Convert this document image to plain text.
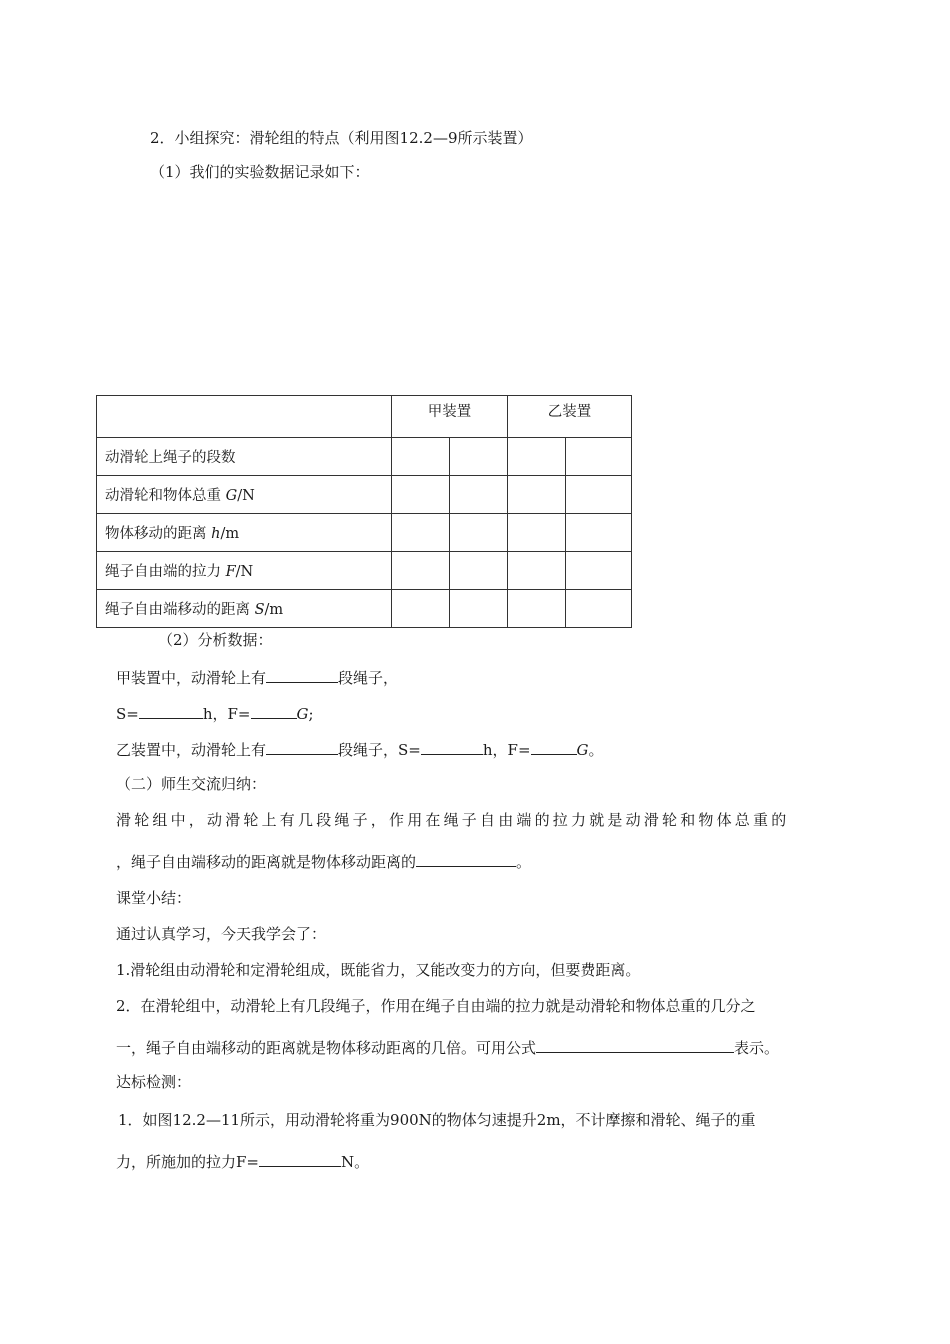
2．小组探究：滑轮组的特点（利用图12.2—9所示装置）
（1）我们的实验数据记录如下：
	甲装置		乙装置	
动滑轮上绳子的段数				
动滑轮和物体总重 G/N				
物体移动的距离 h/m				
绳子自由端的拉力 F/N				
绳子自由端移动的距离 S/m				
（2）分析数据：
甲装置中，动滑轮上有	段绳子，
S=	h，F=	G;
乙装置中，动滑轮上有	段绳子，S=	h，F=	G。
（二）师生交流归纳：
滑轮组中，动滑轮上有几段绳子，作用在绳子自由端的拉力就是动滑轮和物体总重的
，绳子自由端移动的距离就是物体移动距离的	。
课堂小结：
通过认真学习，今天我学会了：
1.滑轮组由动滑轮和定滑轮组成，既能省力，又能改变力的方向，但要费距离。
2．在滑轮组中，动滑轮上有几段绳子，作用在绳子自由端的拉力就是动滑轮和物体总重的几分之
一，绳子自由端移动的距离就是物体移动距离的几倍。可用公式	表示。
达标检测：
1．如图12.2—11所示，用动滑轮将重为900N的物体匀速提升2m，不计摩擦和滑轮、绳子的重
力，所施加的拉力F=	N。
